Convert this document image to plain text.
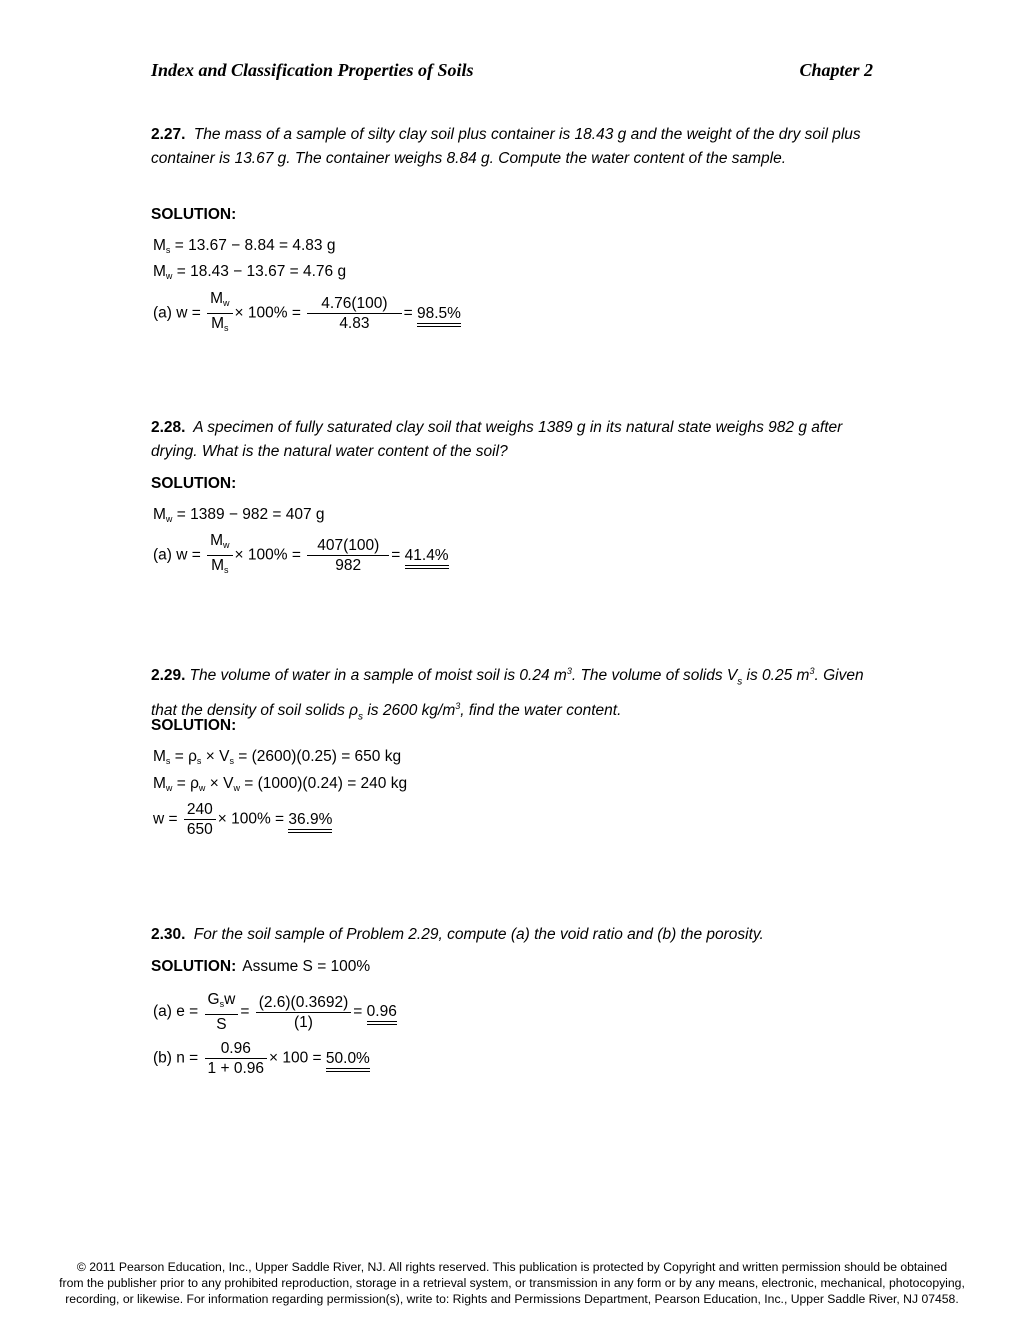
Index and Classification Properties of Soils	Chapter 2
2.27. The mass of a sample of silty clay soil plus container is 18.43 g and the weight of the dry soil plus container is 13.67 g. The container weighs 8.84 g. Compute the water content of the sample.
SOLUTION:
$M_s = 13.67 - 8.84 = 4.83$ g
$M_w = 18.43 - 13.67 = 4.76$ g
(a) $w = \frac{M_w}{M_s} \times 100\% = \frac{4.76(100)}{4.83} = 98.5\%$
2.28. A specimen of fully saturated clay soil that weighs 1389 g in its natural state weighs 982 g after drying. What is the natural water content of the soil?
SOLUTION:
$M_w = 1389 - 982 = 407$ g
(a) $w = \frac{M_w}{M_s} \times 100\% = \frac{407(100)}{982} = 41.4\%$
2.29. The volume of water in a sample of moist soil is 0.24 $m^3$. The volume of solids $V_s$ is 0.25 $m^3$. Given that the density of soil solids $\rho_s$ is 2600 $kg/m^3$, find the water content.
SOLUTION:
$M_s = \rho_s \times V_s = (2600)(0.25) = 650$ kg
$M_w = \rho_w \times V_w = (1000)(0.24) = 240$ kg
$w = \frac{240}{650} \times 100\% = 36.9\%$
2.30. For the soil sample of Problem 2.29, compute (a) the void ratio and (b) the porosity.
SOLUTION: Assume S = 100%
(a) $e = \frac{G_sw}{S} = \frac{(2.6)(0.3692)}{(1)} = 0.96$
(b) $n = \frac{0.96}{1 + 0.96} \times 100 = 50.0\%$
© 2011 Pearson Education, Inc., Upper Saddle River, NJ. All rights reserved. This publication is protected by Copyright and written permission should be obtained
from the publisher prior to any prohibited reproduction, storage in a retrieval system, or transmission in any form or by any means, electronic, mechanical, photocopying,
recording, or likewise. For information regarding permission(s), write to: Rights and Permissions Department, Pearson Education, Inc., Upper Saddle River, NJ 07458.
